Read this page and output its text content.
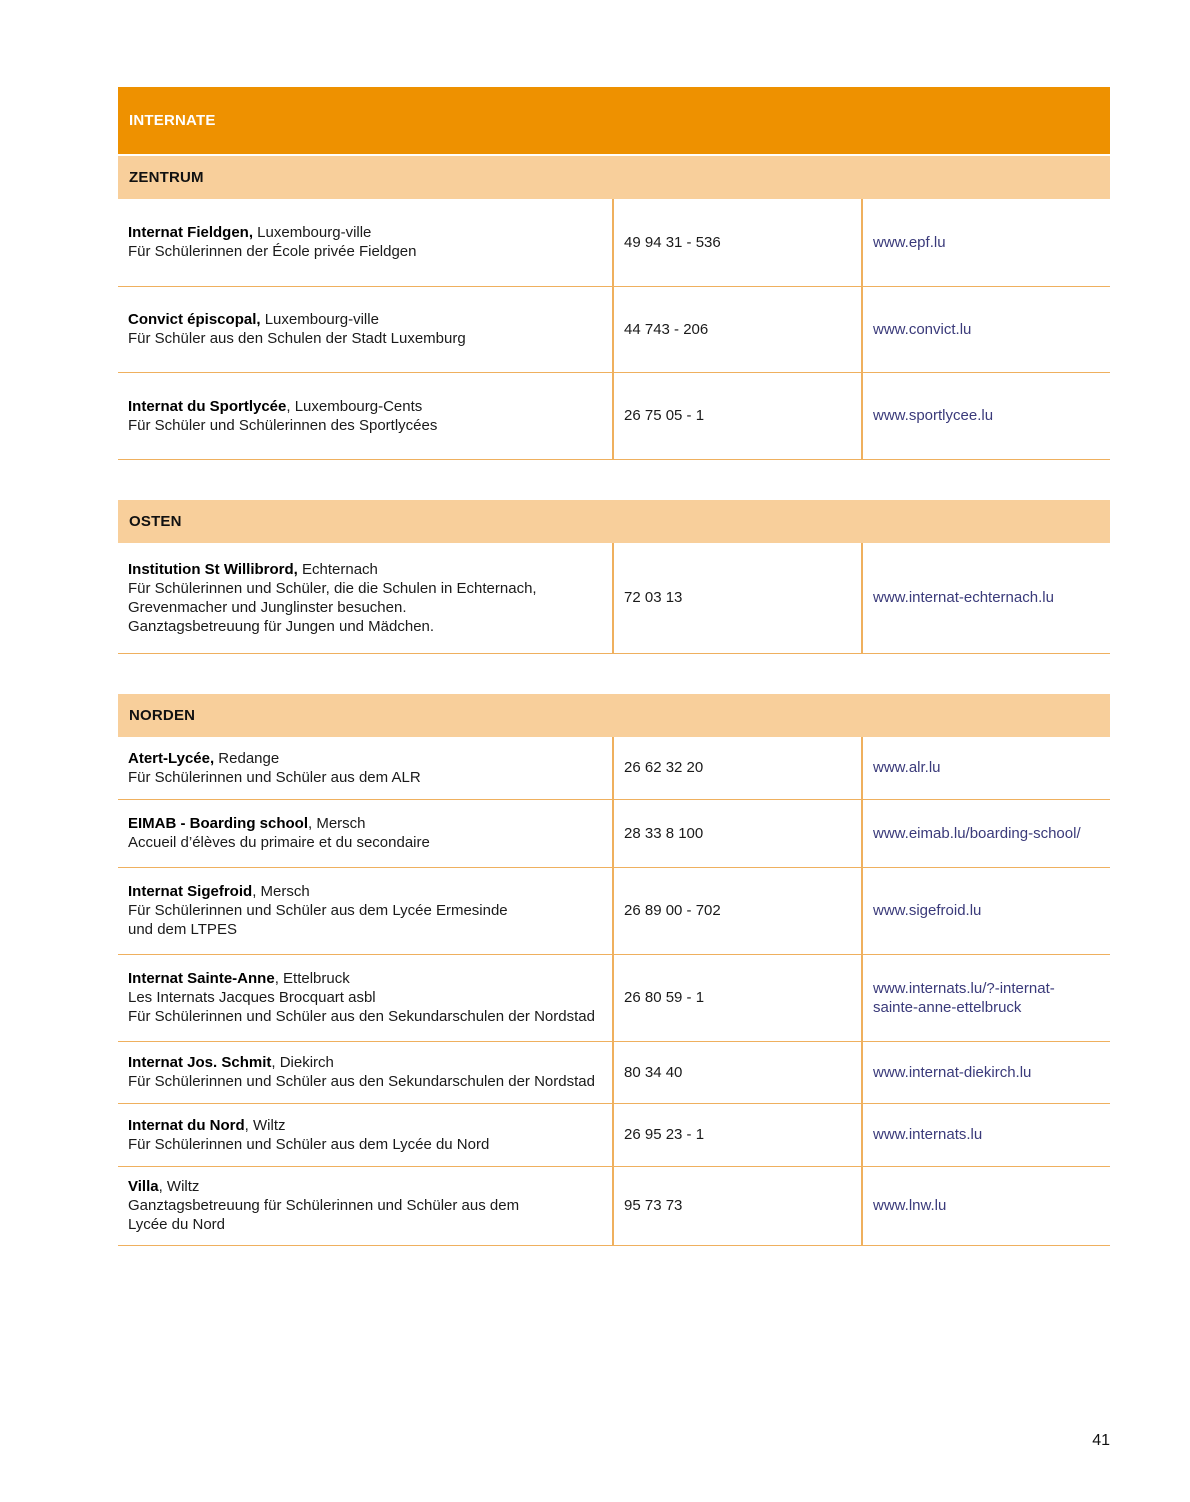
INTERNATE
ZENTRUM
Internat Fieldgen, Luxembourg-ville
Für Schülerinnen der École privée Fieldgen	49 94 31 - 536	www.epf.lu

Convict épiscopal, Luxembourg-ville
Für Schüler aus den Schulen der Stadt Luxemburg	44 743 - 206	www.convict.lu

Internat du Sportlycée, Luxembourg-Cents
Für Schüler und Schülerinnen des Sportlycées	26 75 05 - 1	www.sportlycee.lu
OSTEN
Institution St Willibrord, Echternach
Für Schülerinnen und Schüler, die die Schulen in Echternach,
Grevenmacher und Junglinster besuchen.
Ganztagsbetreuung für Jungen und Mädchen.
	72 03 13	www.internat-echternach.lu
NORDEN
Atert-Lycée, Redange
Für Schülerinnen und Schüler aus dem ALR	26 62 32 20	www.alr.lu

EIMAB - Boarding school, Mersch
Accueil d’élèves du primaire et du secondaire	28 33 8 100	www.eimab.lu/boarding-school/

Internat Sigefroid, Mersch
Für Schülerinnen und Schüler aus dem Lycée Ermesinde
und dem LTPES	26 89 00 - 702	www.sigefroid.lu

Internat Sainte-Anne, Ettelbruck
Les Internats Jacques Brocquart asbl
Für Schülerinnen und Schüler aus den Sekundarschulen der Nordstad	26 80 59 - 1	www.internats.lu/?-internat-
sainte-anne-ettelbruck

Internat Jos. Schmit, Diekirch
Für Schülerinnen und Schüler aus den Sekundarschulen der Nordstad	80 34 40	www.internat-diekirch.lu

Internat du Nord, Wiltz
Für Schülerinnen und Schüler aus dem Lycée du Nord	26 95 23 - 1	www.internats.lu

Villa, Wiltz
Ganztagsbetreuung für Schülerinnen und Schüler aus dem
Lycée du Nord	95 73 73	www.lnw.lu
41
